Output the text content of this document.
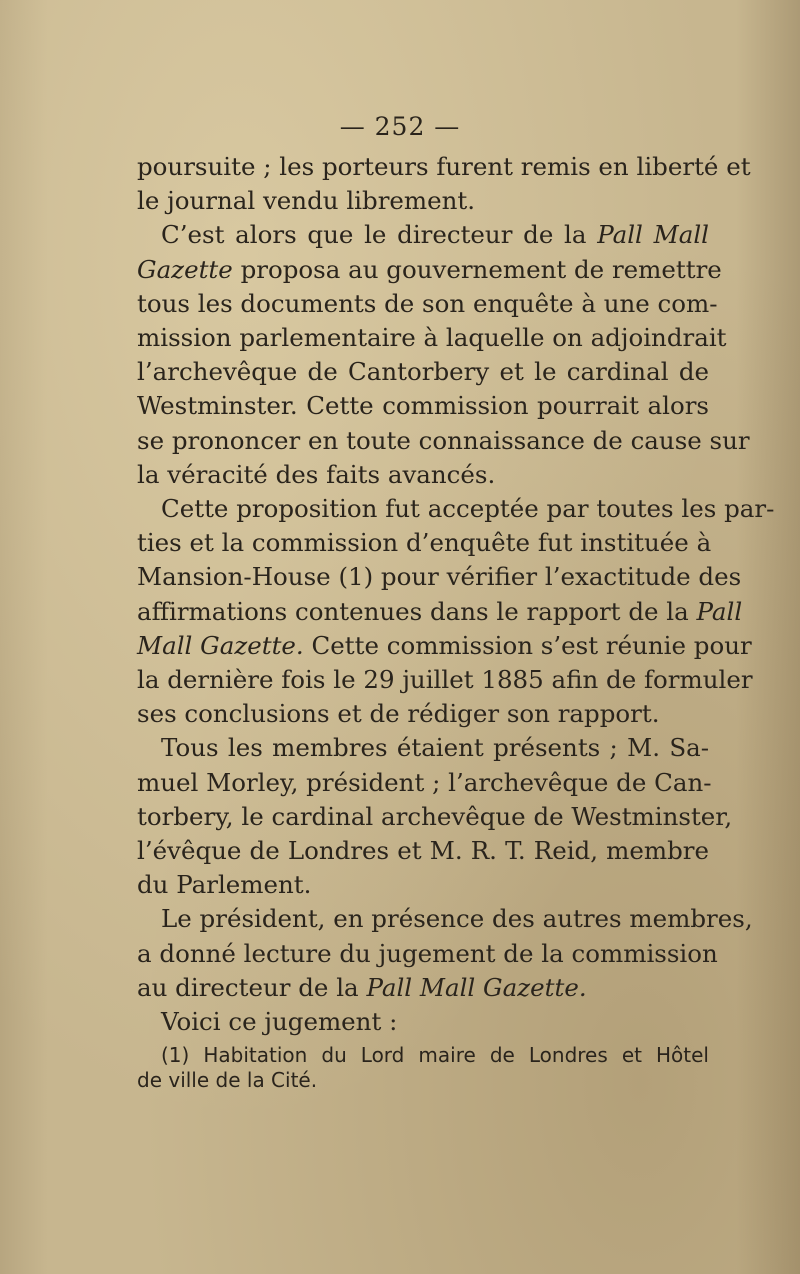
— 252 —
poursuite ; les porteurs furent remis en liberté et
le journal vendu librement.
C’est alors que le directeur de la Pall Mall
Gazette proposa au gouvernement de remettre
tous les documents de son enquête à une com-
mission parlementaire à laquelle on adjoindrait
l’archevêque de Cantorbery et le cardinal de
Westminster. Cette commission pourrait alors
se prononcer en toute connaissance de cause sur
la véracité des faits avancés.
Cette proposition fut acceptée par toutes les par-
ties et la commission d’enquête fut instituée à
Mansion-House (1) pour vérifier l’exactitude des
affirmations contenues dans le rapport de la Pall
Mall Gazette. Cette commission s’est réunie pour
la dernière fois le 29 juillet 1885 afin de formuler
ses conclusions et de rédiger son rapport.
Tous les membres étaient présents ; M. Sa-
muel Morley, président ; l’archevêque de Can-
torbery, le cardinal archevêque de Westminster,
l’évêque de Londres et M. R. T. Reid, membre
du Parlement.
Le président, en présence des autres membres,
a donné lecture du jugement de la commission
au directeur de la Pall Mall Gazette.
Voici ce jugement :
(1) Habitation du Lord maire de Londres et Hôtel
de ville de la Cité.
